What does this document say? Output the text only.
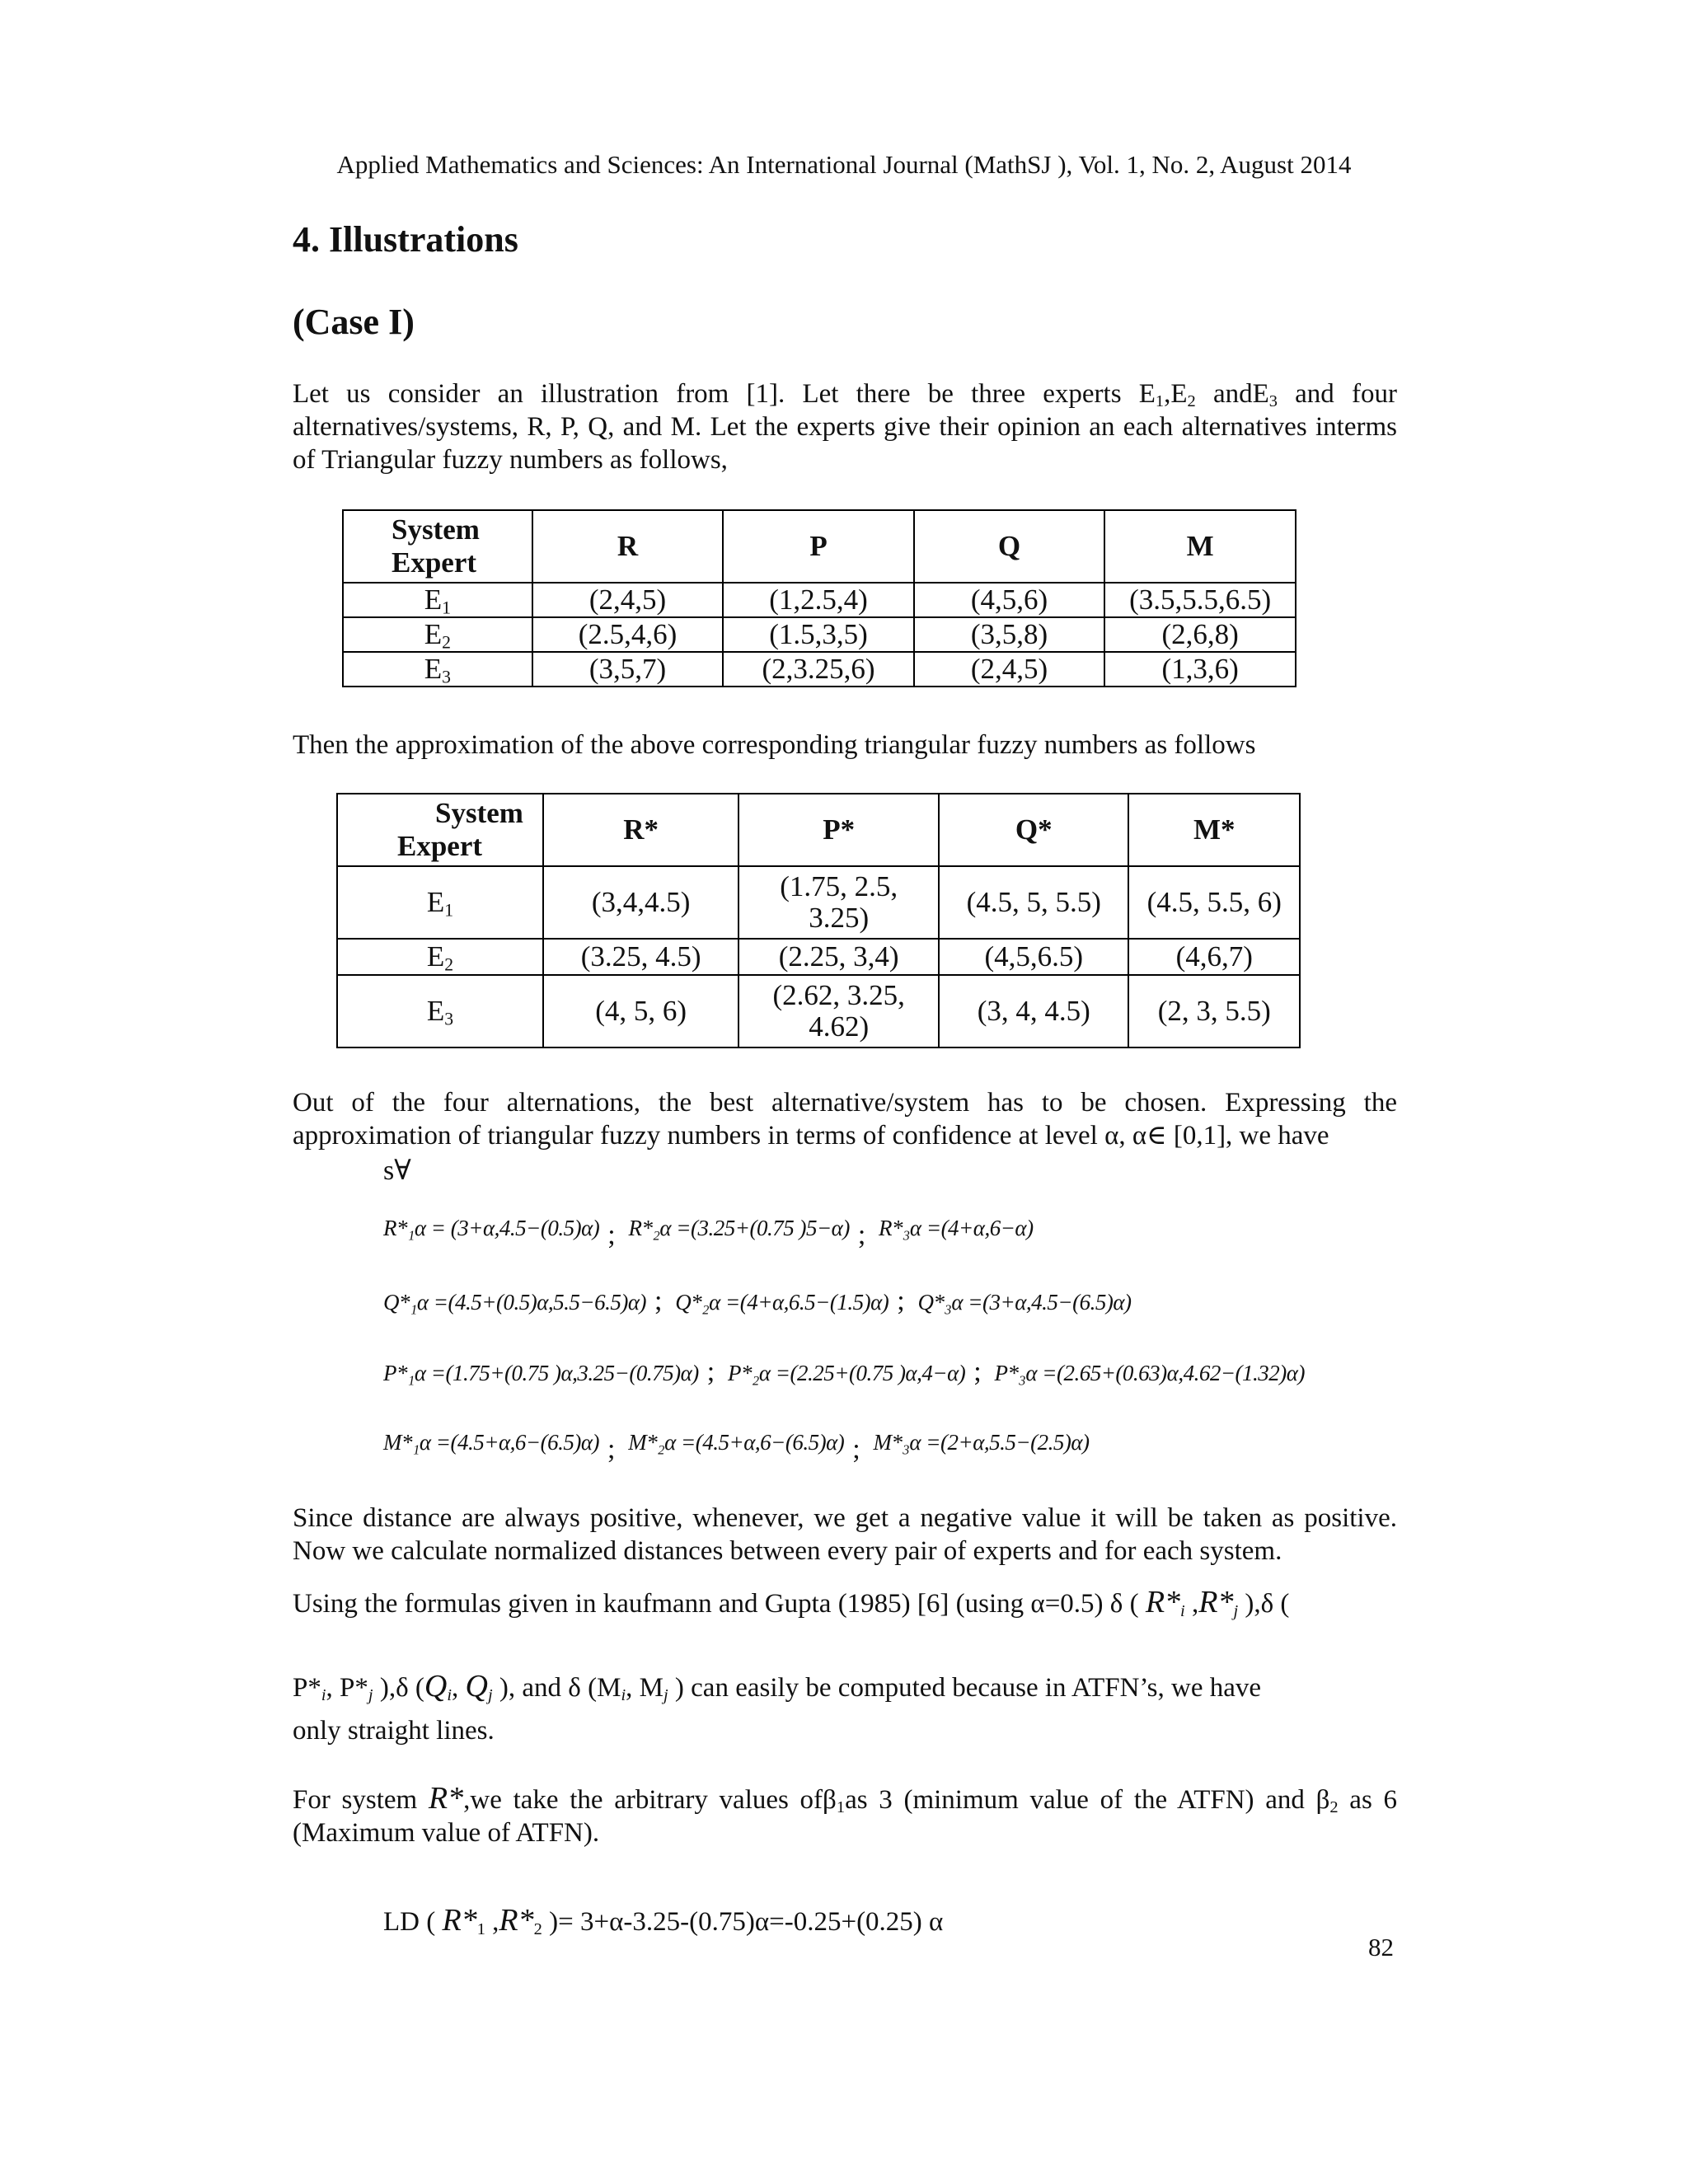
Applied Mathematics and Sciences: An International Journal (MathSJ ), Vol. 1, No. 2, August 2014
4. Illustrations
(Case I)
Let us consider an illustration from [1]. Let there be three experts $E_1,E_2$ andE$_3$ and four alternatives/systems, R, P, Q, and M. Let the experts give their opinion an each alternatives interms of Triangular fuzzy numbers as follows,
System
Expert	R	P	Q	M
$E_1$	(2,4,5)	(1,2.5,4)	(4,5,6)	(3.5,5.5,6.5)
$E_2$	(2.5,4,6)	(1.5,3,5)	(3,5,8)	(2,6,8)
$E_3$	(3,5,7)	(2,3.25,6)	(2,4,5)	(1,3,6)
Then the approximation of the above corresponding triangular fuzzy numbers as follows
System
Expert	R*	P*	Q*	M*
$E_1$	(3,4,4.5)	(1.75, 2.5, 3.25)	(4.5, 5, 5.5)	(4.5, 5.5, 6)
$E_2$	(3.25, 4.5)	(2.25, 3,4)	(4,5,6.5)	(4,6,7)
$E_3$	(4, 5, 6)	(2.62, 3.25, 4.62)	(3, 4, 4.5)	(2, 3, 5.5)
Out of the four alternations, the best alternative/system has to be chosen. Expressing the approximation of triangular fuzzy numbers in terms of confidence at level α, α∈ [0,1], we have
s∀
R*₁α = (3+α,4.5−(0.5)α) ; R*₂α =(3.25+(0.75 )5−α) ; R*₃α =(4+α,6−α)
Q*₁α =(4.5+(0.5)α,5.5−6.5)α) ; Q*₂α =(4+α,6.5−(1.5)α) ; Q*₃α =(3+α,4.5−(6.5)α)
P*₁α =(1.75+(0.75 )α,3.25−(0.75)α) ; P*₂α =(2.25+(0.75 )α,4−α) ; P*₃α =(2.65+(0.63)α,4.62−(1.32)α)
M*₁α =(4.5+α,6−(6.5)α) ; M*₂α =(4.5+α,6−(6.5)α) ; M*₃α =(2+α,5.5−(2.5)α)
Since distance are always positive, whenever, we get a negative value it will be taken as positive. Now we calculate normalized distances between every pair of experts and for each system.
Using the formulas given in kaufmann and Gupta (1985) [6] (using α=0.5) δ ( $R*_i$ $,R*_j$ ),δ (
$P*_i$, $P*_j$ ),δ ($Q_i$, $Q_j$ ), and δ ($M_i$, $M_j$ ) can easily be computed because in ATFN’s, we have
only straight lines.
For system R*,we take the arbitrary values ofβ$_1$as 3 (minimum value of the ATFN) and $\beta_2$ as 6 (Maximum value of ATFN).
LD ( $R*_1$ $,R*_2$ )= 3+α-3.25-(0.75)α=-0.25+(0.25) α
82
